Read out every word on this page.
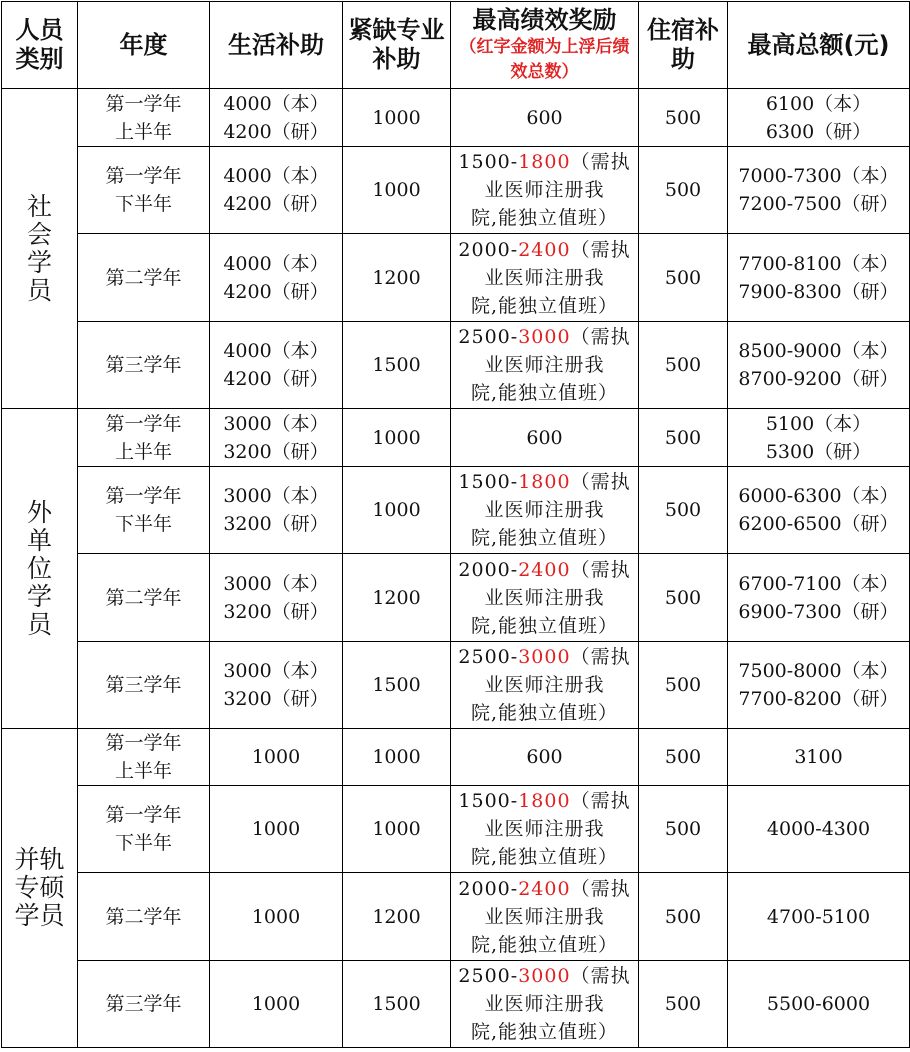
人员类别	年度	生活补助	紧缺专业补助	最高绩效奖励
（红字金额为上浮后绩效总数）	住宿补助	最高总额(元)

社
会
学
员	第一学年
上半年	4000（本）
4200（研）	1000	600	500	6100（本）
6300（研）

	第一学年
下半年	4000（本）
4200（研）	1000	1500-1800（需执
业医师注册我
院,能独立值班）	500	7000-7300（本）
7200-7500（研）

	第二学年	4000（本）
4200（研）	1200	2000-2400（需执
业医师注册我
院,能独立值班）	500	7700-8100（本）
7900-8300（研）

	第三学年	4000（本）
4200（研）	1500	2500-3000（需执
业医师注册我
院,能独立值班）	500	8500-9000（本）
8700-9200（研）

外
单
位
学
员	第一学年
上半年	3000（本）
3200（研）	1000	600	500	5100（本）
5300（研）

	第一学年
下半年	3000（本）
3200（研）	1000	1500-1800（需执
业医师注册我
院,能独立值班）	500	6000-6300（本）
6200-6500（研）

	第二学年	3000（本）
3200（研）	1200	2000-2400（需执
业医师注册我
院,能独立值班）	500	6700-7100（本）
6900-7300（研）

	第三学年	3000（本）
3200（研）	1500	2500-3000（需执
业医师注册我
院,能独立值班）	500	7500-8000（本）
7700-8200（研）

并轨
专硕
学员	第一学年
上半年	1000	1000	600	500	3100

	第一学年
下半年	1000	1000	1500-1800（需执
业医师注册我
院,能独立值班）	500	4000-4300

	第二学年	1000	1200	2000-2400（需执
业医师注册我
院,能独立值班）	500	4700-5100

	第三学年	1000	1500	2500-3000（需执
业医师注册我
院,能独立值班）	500	5500-6000
